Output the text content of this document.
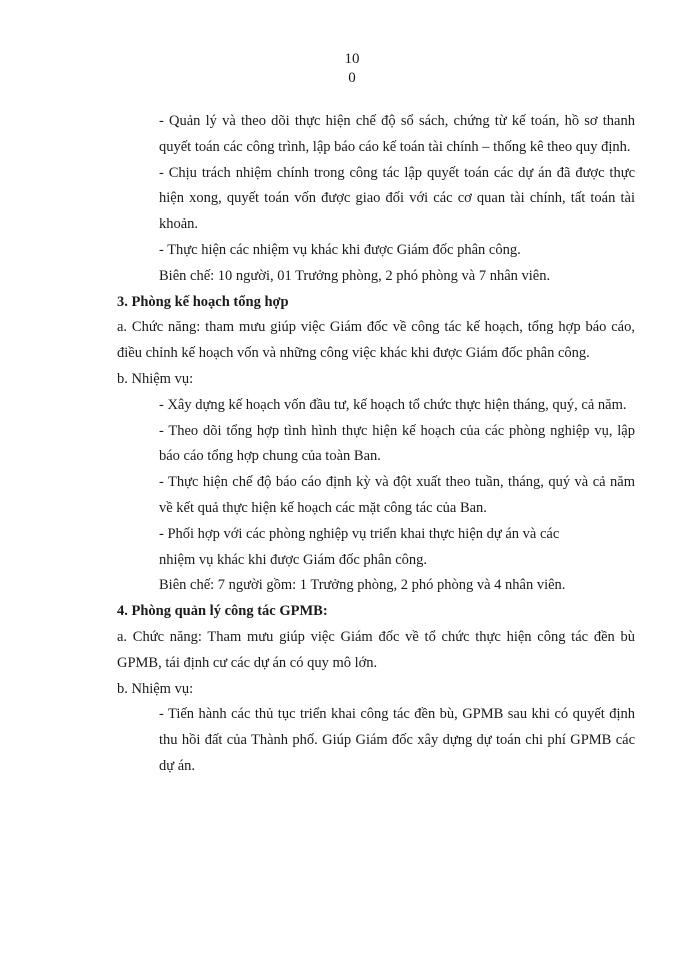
10
0

- Quản lý và theo dõi thực hiện chế độ sổ sách, chứng từ kế toán, hồ sơ thanh quyết toán các công trình, lập báo cáo kế toán tài chính – thống kê theo quy định.

- Chịu trách nhiệm chính trong công tác lập quyết toán các dự án đã được thực hiện xong, quyết toán vốn được giao đối với các cơ quan tài chính, tất toán tài khoản.

- Thực hiện các nhiệm vụ khác khi được Giám đốc phân công.

Biên chế: 10 người, 01 Trưởng phòng, 2 phó phòng và 7 nhân viên.

3. Phòng kế hoạch tổng hợp

a. Chức năng: tham mưu giúp việc Giám đốc về công tác kế hoạch, tổng hợp báo cáo, điều chỉnh kế hoạch vốn và những công việc khác khi được Giám đốc phân công.

b. Nhiệm vụ:

- Xây dựng kế hoạch vốn đầu tư, kế hoạch tổ chức thực hiện tháng, quý, cả năm.

- Theo dõi tổng hợp tình hình thực hiện kế hoạch của các phòng nghiệp vụ, lập báo cáo tổng hợp chung của toàn Ban.

- Thực hiện chế độ báo cáo định kỳ và đột xuất theo tuần, tháng, quý và cả năm về kết quả thực hiện kế hoạch các mặt công tác của Ban.

- Phối hợp với các phòng nghiệp vụ triển khai thực hiện dự án và các

nhiệm vụ khác khi được Giám đốc phân công.

Biên chế: 7 người gồm: 1 Trưởng phòng, 2 phó phòng và 4 nhân viên.

4. Phòng quản lý công tác GPMB:

a. Chức năng: Tham mưu giúp việc Giám đốc về tổ chức thực hiện công tác đền bù GPMB, tái định cư các dự án có quy mô lớn.

b. Nhiệm vụ:

- Tiến hành các thủ tục triển khai công tác đền bù, GPMB sau khi có quyết định thu hồi đất của Thành phố. Giúp Giám đốc xây dựng dự toán chi phí GPMB các dự án.
